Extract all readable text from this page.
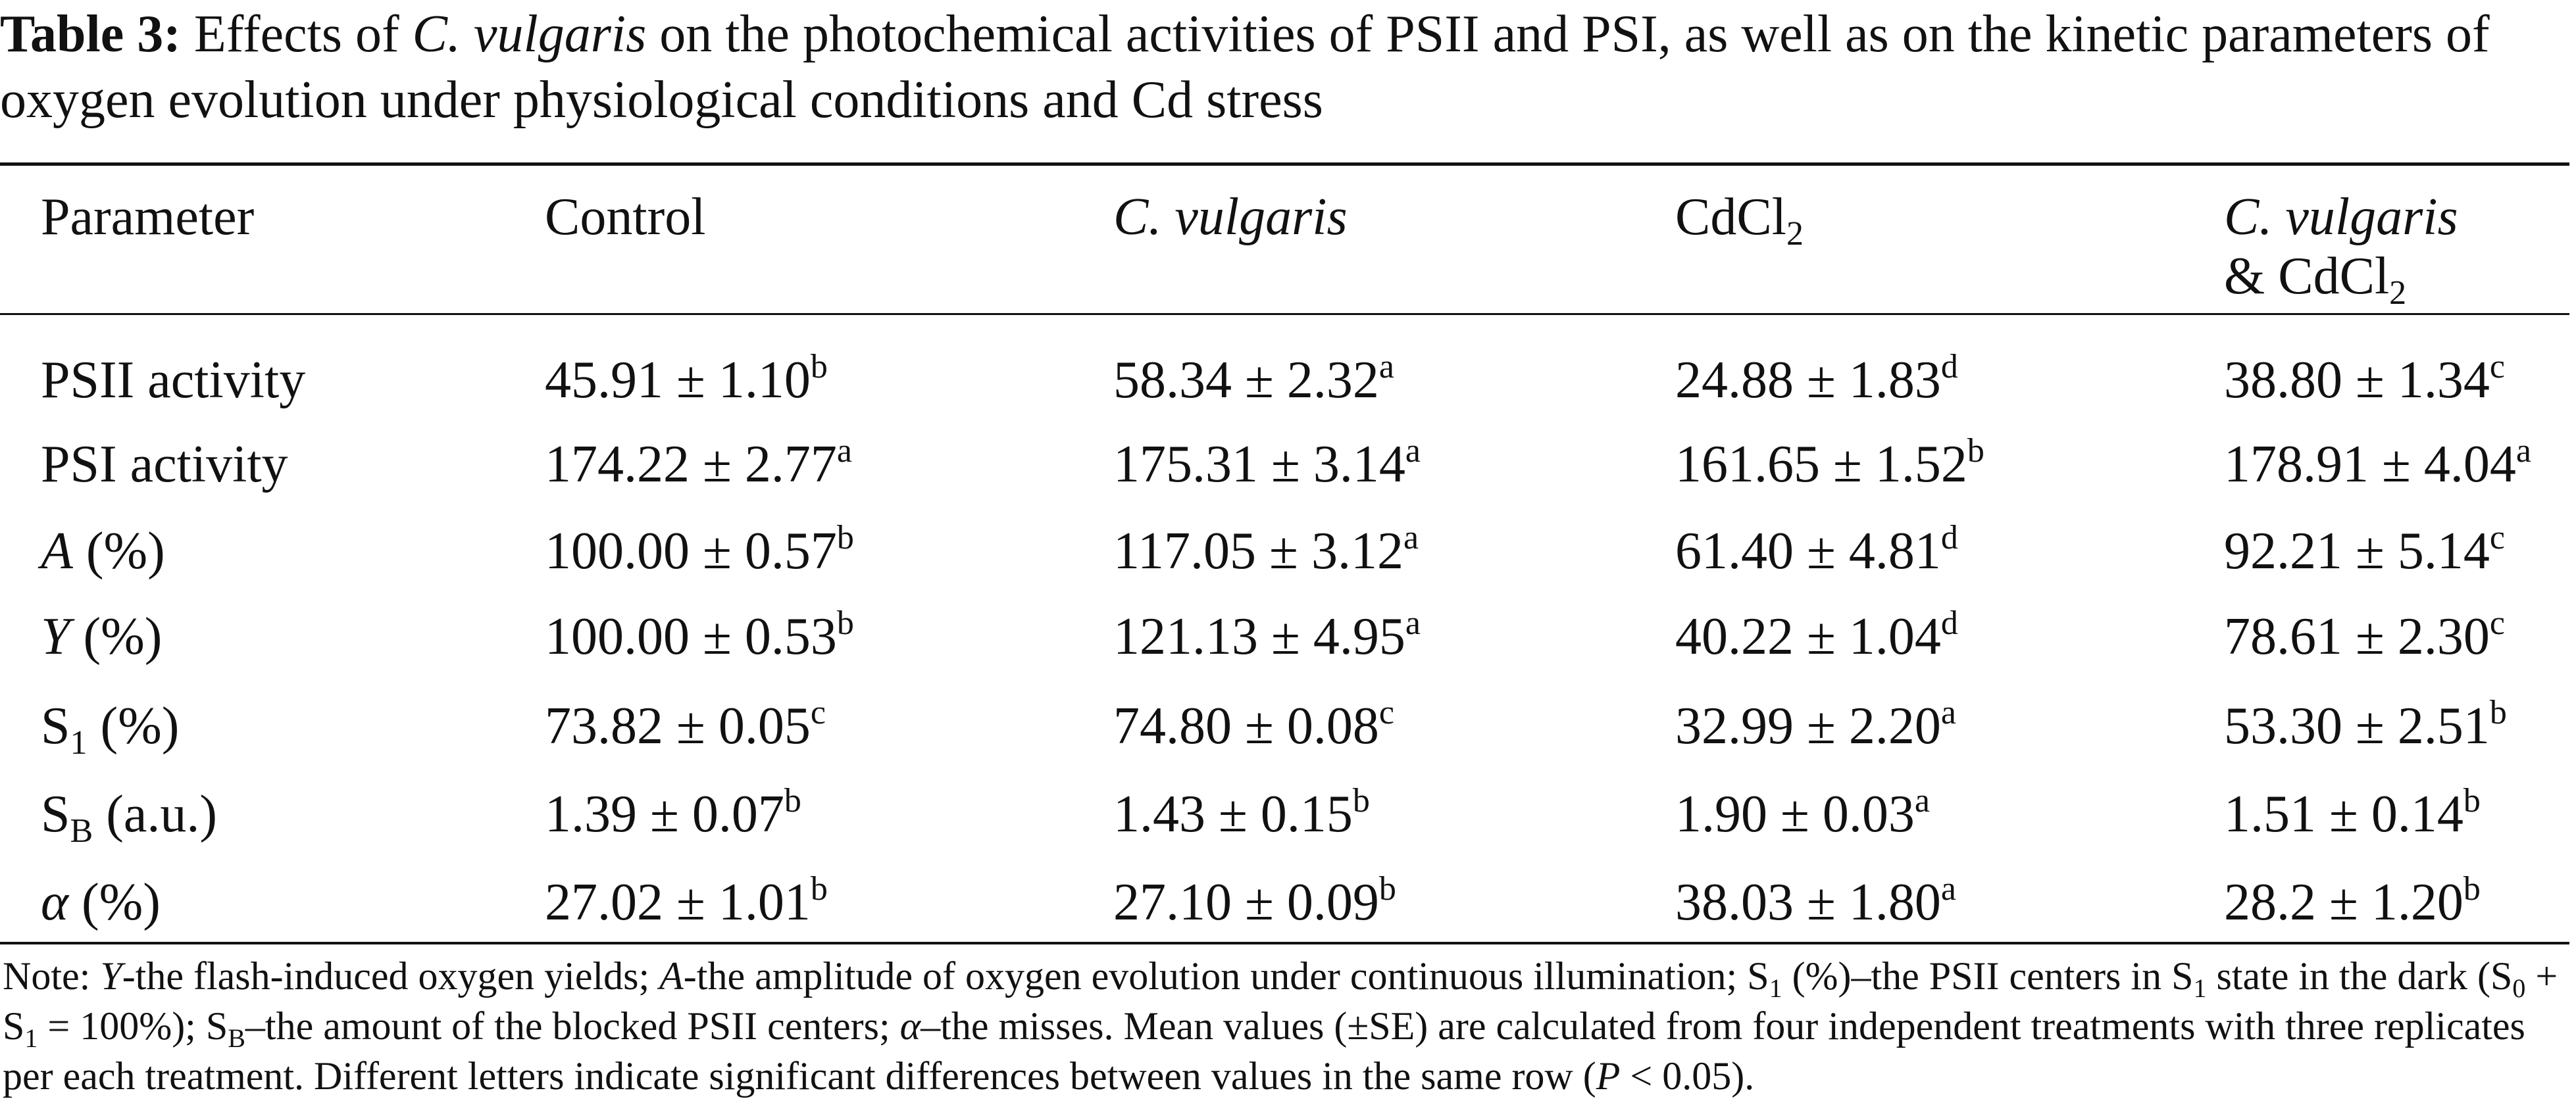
Table 3: Effects of C. vulgaris on the photochemical activities of PSII and PSI, as well as on the kinetic parameters of oxygen evolution under physiological conditions and Cd stress

Parameter	Control	C. vulgaris	CdCl$_2$	C. vulgaris
& CdCl$_2$
PSII activity	45.91 ± 1.10$^b$	58.34 ± 2.32$^a$	24.88 ± 1.83$^d$	38.80 ± 1.34$^c$
PSI activity	174.22 ± 2.77$^a$	175.31 ± 3.14$^a$	161.65 ± 1.52$^b$	178.91 ± 4.04$^a$
A (%)	100.00 ± 0.57$^b$	117.05 ± 3.12$^a$	61.40 ± 4.81$^d$	92.21 ± 5.14$^c$
Y (%)	100.00 ± 0.53$^b$	121.13 ± 4.95$^a$	40.22 ± 1.04$^d$	78.61 ± 2.30$^c$
$S_1$ (%)	73.82 ± 0.05$^c$	74.80 ± 0.08$^c$	32.99 ± 2.20$^a$	53.30 ± 2.51$^b$
$S_B$ (a.u.)	1.39 ± 0.07$^b$	1.43 ± 0.15$^b$	1.90 ± 0.03$^a$	1.51 ± 0.14$^b$
α (%)	27.02 ± 1.01$^b$	27.10 ± 0.09$^b$	38.03 ± 1.80$^a$	28.2 ± 1.20$^b$

Note: Y-the flash-induced oxygen yields; A-the amplitude of oxygen evolution under continuous illumination; $S_1$ (%)–the PSII centers in $S_1$ state in the dark $(S_0 + S_1 = 100\%)$; $S_B$–the amount of the blocked PSII centers; α–the misses. Mean values (±SE) are calculated from four independent treatments with three replicates per each treatment. Different letters indicate significant differences between values in the same row (P < 0.05).
